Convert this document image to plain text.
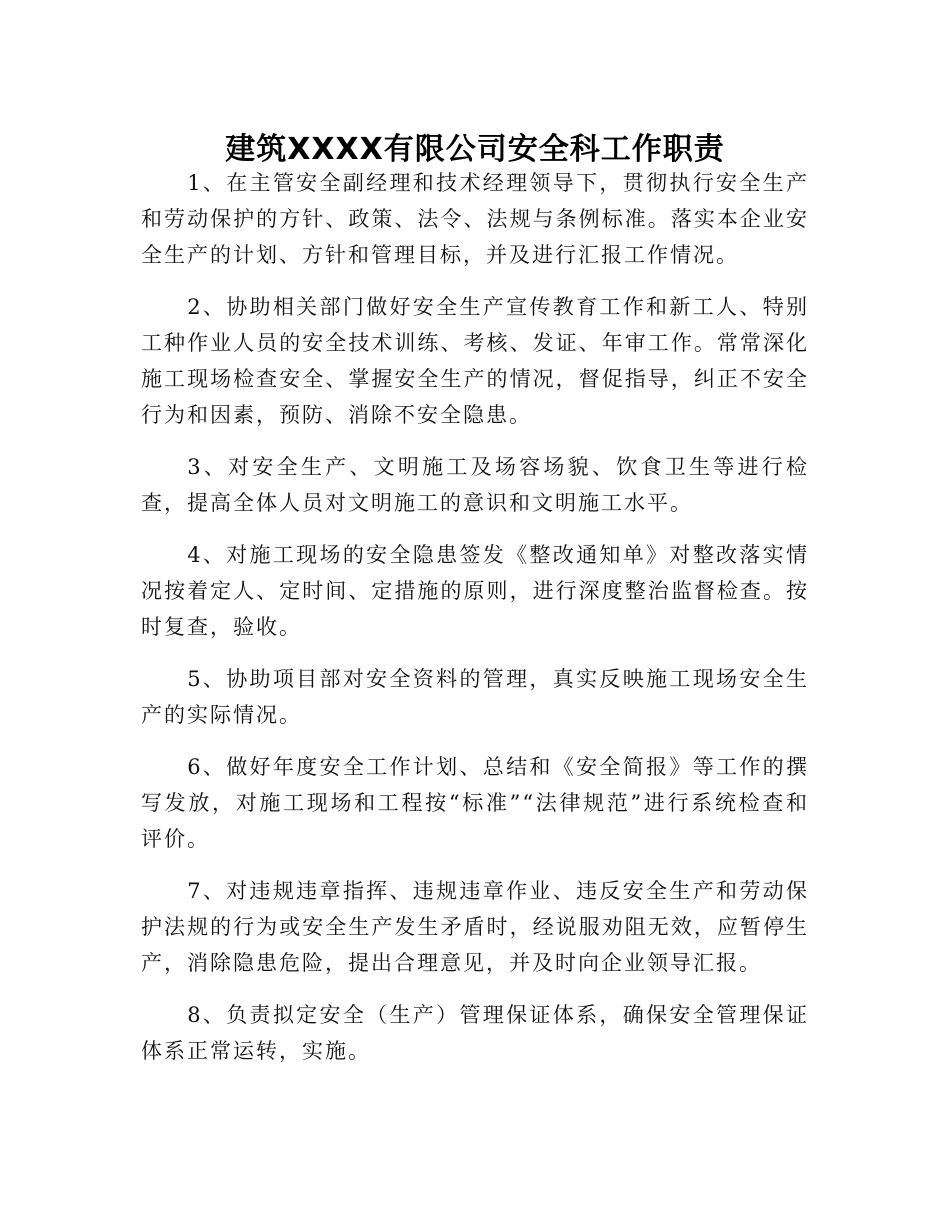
建筑XXXX有限公司安全科工作职责

1、在主管安全副经理和技术经理领导下，贯彻执行安全生产和劳动保护的方针、政策、法令、法规与条例标准。落实本企业安全生产的计划、方针和管理目标，并及进行汇报工作情况。

2、协助相关部门做好安全生产宣传教育工作和新工人、特别工种作业人员的安全技术训练、考核、发证、年审工作。常常深化施工现场检查安全、掌握安全生产的情况，督促指导，纠正不安全行为和因素，预防、消除不安全隐患。

3、对安全生产、文明施工及场容场貌、饮食卫生等进行检查，提高全体人员对文明施工的意识和文明施工水平。

4、对施工现场的安全隐患签发《整改通知单》对整改落实情况按着定人、定时间、定措施的原则，进行深度整治监督检查。按时复查，验收。

5、协助项目部对安全资料的管理，真实反映施工现场安全生产的实际情况。

6、做好年度安全工作计划、总结和《安全简报》等工作的撰写发放，对施工现场和工程按“标准”“法律规范”进行系统检查和评价。

7、对违规违章指挥、违规违章作业、违反安全生产和劳动保护法规的行为或安全生产发生矛盾时，经说服劝阻无效，应暂停生产，消除隐患危险，提出合理意见，并及时向企业领导汇报。

8、负责拟定安全（生产）管理保证体系，确保安全管理保证体系正常运转，实施。
